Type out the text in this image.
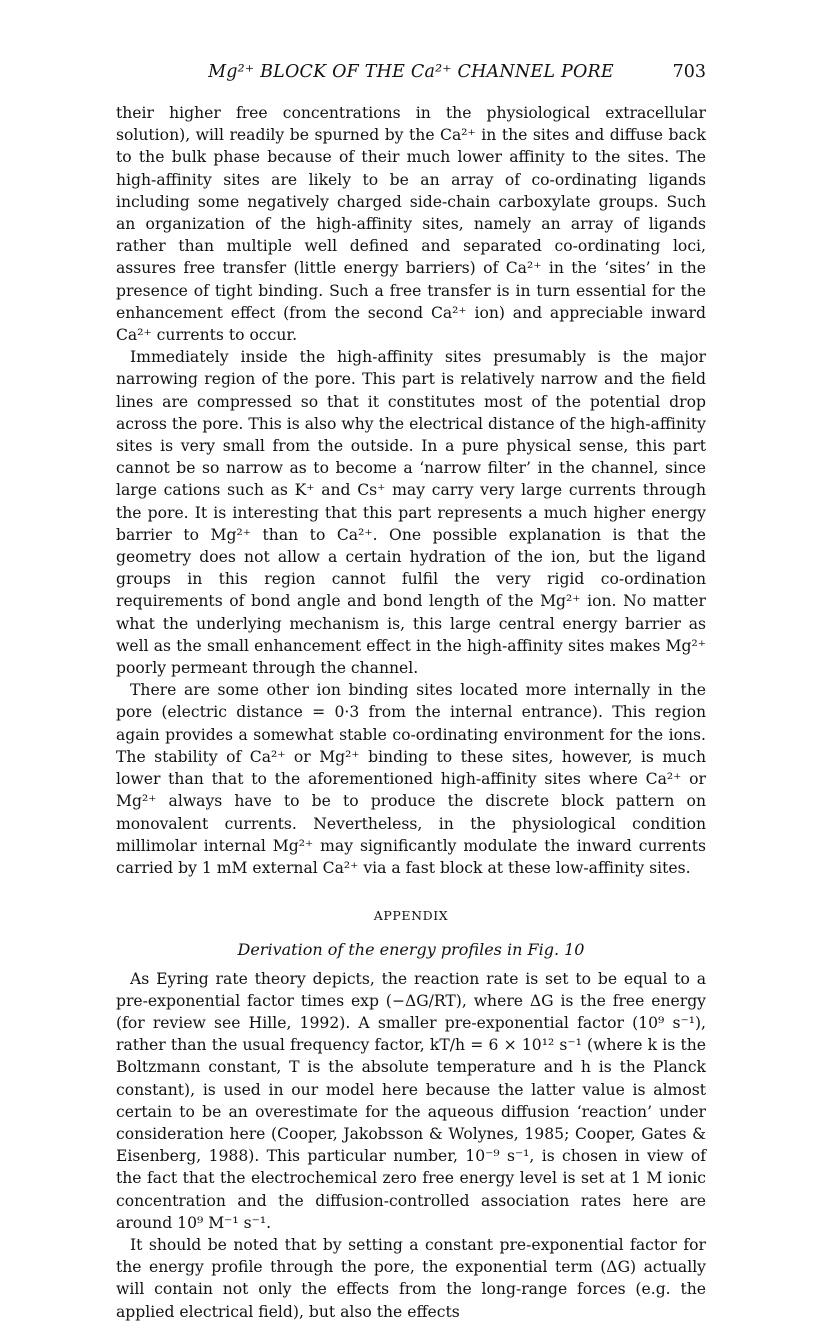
Mg²⁺ BLOCK OF THE Ca²⁺ CHANNEL PORE	703

their higher free concentrations in the physiological extracellular solution), will readily be spurned by the Ca²⁺ in the sites and diffuse back to the bulk phase because of their much lower affinity to the sites. The high-affinity sites are likely to be an array of co-ordinating ligands including some negatively charged side-chain carboxylate groups. Such an organization of the high-affinity sites, namely an array of ligands rather than multiple well defined and separated co-ordinating loci, assures free transfer (little energy barriers) of Ca²⁺ in the ‘sites’ in the presence of tight binding. Such a free transfer is in turn essential for the enhancement effect (from the second Ca²⁺ ion) and appreciable inward Ca²⁺ currents to occur.

Immediately inside the high-affinity sites presumably is the major narrowing region of the pore. This part is relatively narrow and the field lines are compressed so that it constitutes most of the potential drop across the pore. This is also why the electrical distance of the high-affinity sites is very small from the outside. In a pure physical sense, this part cannot be so narrow as to become a ‘narrow filter’ in the channel, since large cations such as K⁺ and Cs⁺ may carry very large currents through the pore. It is interesting that this part represents a much higher energy barrier to Mg²⁺ than to Ca²⁺. One possible explanation is that the geometry does not allow a certain hydration of the ion, but the ligand groups in this region cannot fulfil the very rigid co-ordination requirements of bond angle and bond length of the Mg²⁺ ion. No matter what the underlying mechanism is, this large central energy barrier as well as the small enhancement effect in the high-affinity sites makes Mg²⁺ poorly permeant through the channel.

There are some other ion binding sites located more internally in the pore (electric distance = 0·3 from the internal entrance). This region again provides a somewhat stable co-ordinating environment for the ions. The stability of Ca²⁺ or Mg²⁺ binding to these sites, however, is much lower than that to the aforementioned high-affinity sites where Ca²⁺ or Mg²⁺ always have to be to produce the discrete block pattern on monovalent currents. Nevertheless, in the physiological condition millimolar internal Mg²⁺ may significantly modulate the inward currents carried by 1 mM external Ca²⁺ via a fast block at these low-affinity sites.

APPENDIX
Derivation of the energy profiles in Fig. 10

As Eyring rate theory depicts, the reaction rate is set to be equal to a pre-exponential factor times exp (−ΔG/RT), where ΔG is the free energy (for review see Hille, 1992). A smaller pre-exponential factor (10⁹ s⁻¹), rather than the usual frequency factor, kT/h = 6 × 10¹² s⁻¹ (where k is the Boltzmann constant, T is the absolute temperature and h is the Planck constant), is used in our model here because the latter value is almost certain to be an overestimate for the aqueous diffusion ‘reaction’ under consideration here (Cooper, Jakobsson & Wolynes, 1985; Cooper, Gates & Eisenberg, 1988). This particular number, 10⁻⁹ s⁻¹, is chosen in view of the fact that the electrochemical zero free energy level is set at 1 M ionic concentration and the diffusion-controlled association rates here are around 10⁹ M⁻¹ s⁻¹.

It should be noted that by setting a constant pre-exponential factor for the energy profile through the pore, the exponential term (ΔG) actually will contain not only the effects from the long-range forces (e.g. the applied electrical field), but also the effects
